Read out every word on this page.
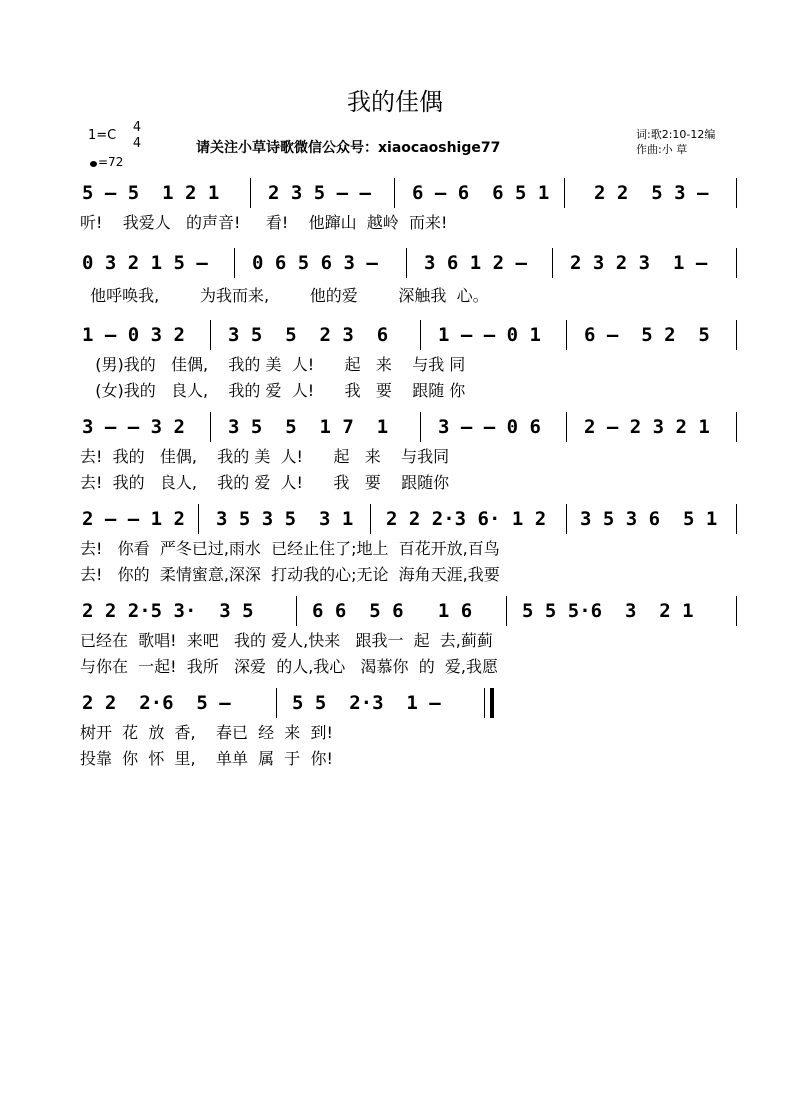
我的佳偶
1=C
4
4
=72
请关注小草诗歌微信公众号：xiaocaoshige77
词:歌2:10-12编
作曲:小 草
5 – 5  1 2 1	2 3 5 – – 6 – 6  6 5 1 2 2  5 3 –
听!    我爱人   的声音!     看!    他蹿山  越岭  而来!
0 3 2 1 5 – 0 6 5 6 3 – 3 6 1 2 – 2 3 2 3  1 –
他呼唤我,        为我而来,        他的爱        深触我  心。
1 – 0 3 2 3 5  5  2 3  6	1 – – 0 1 6 –  5 2  5
(男)我的   佳偶,    我的 美  人!      起   来    与我 同
(女)我的   良人,    我的 爱  人!      我   要    跟随 你
3 – – 3 2 3 5  5  1 7  1	3 – – 0 6 2 – 2 3 2 1
去!  我的   佳偶,    我的 美  人!      起   来    与我同
去!  我的   良人,    我的 爱  人!      我   要    跟随你
2 – – 1 2 3 5 3 5  3 1 2 2 2·3 6· 1 2 3 5 3 6  5 1
去!   你看  严冬已过,雨水  已经止住了;地上  百花开放,百鸟
去!   你的  柔情蜜意,深深  打动我的心;无论  海角天涯,我要
2 2 2·5 3·  3 5	6 6  5 6   1 6	5 5 5·6  3  2 1
已经在  歌唱!  来吧   我的 爱人,快来   跟我一  起  去,蓟蓟
与你在  一起!  我所   深爱  的人,我心   渴慕你  的  爱,我愿
2 2  2·6  5 –	5 5  2·3  1 –
树开  花  放  香,    春已  经  来  到!
投靠  你  怀  里,    单单  属  于  你!
